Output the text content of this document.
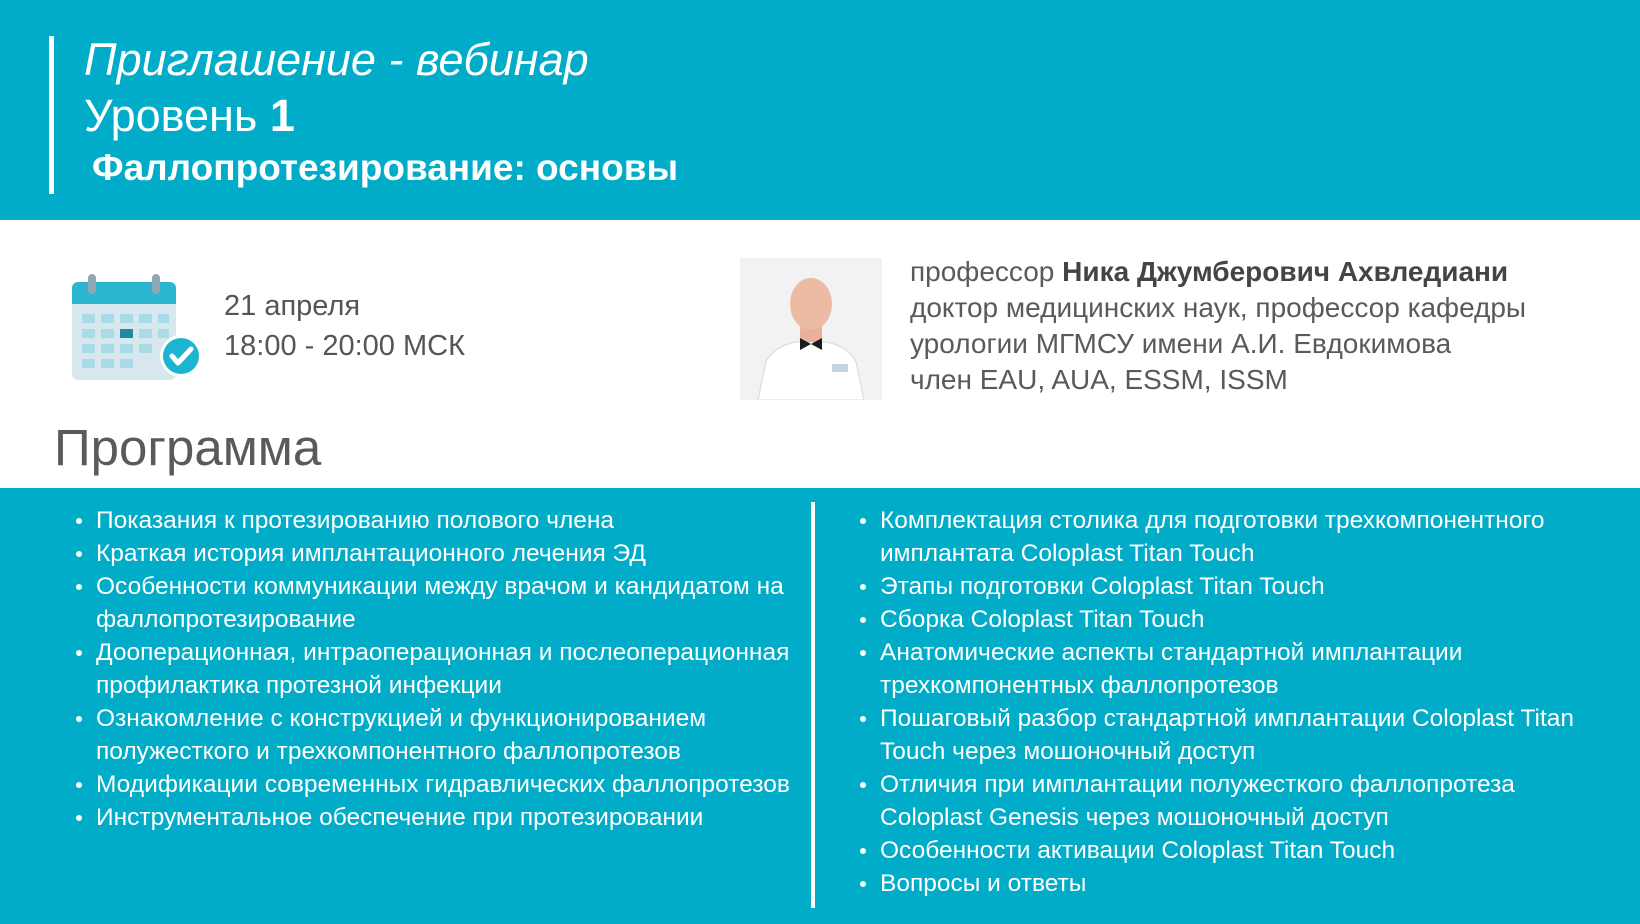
Приглашение - вебинар
Уровень 1
Фаллопротезирование: основы
21 апреля
18:00 - 20:00 МСК
профессор Ника Джумберович Ахвледиани
доктор медицинских наук, профессор кафедры
урологии МГМСУ имени А.И. Евдокимова
член EAU, AUA, ESSM, ISSM
Программа
Показания к протезированию полового члена
Краткая история имплантационного лечения ЭД
Особенности коммуникации между врачом и кандидатом на фаллопротезирование
Дооперационная, интраоперационная и послеоперационная профилактика протезной инфекции
Ознакомление с конструкцией и функционированием полужесткого и трехкомпонентного фаллопротезов
Модификации современных гидравлических фаллопротезов
Инструментальное обеспечение при протезировании
Комплектация столика для подготовки трехкомпонентного имплантата Coloplast Titan Touch
Этапы подготовки Coloplast Titan Touch
Сборка Coloplast Titan Touch
Анатомические аспекты стандартной имплантации трехкомпонентных фаллопротезов
Пошаговый разбор стандартной имплантации Coloplast Titan Touch через мошоночный доступ
Отличия при имплантации полужесткого фаллопротеза Coloplast Genesis через мошоночный доступ
Особенности активации Coloplast Titan Touch
Вопросы и ответы
